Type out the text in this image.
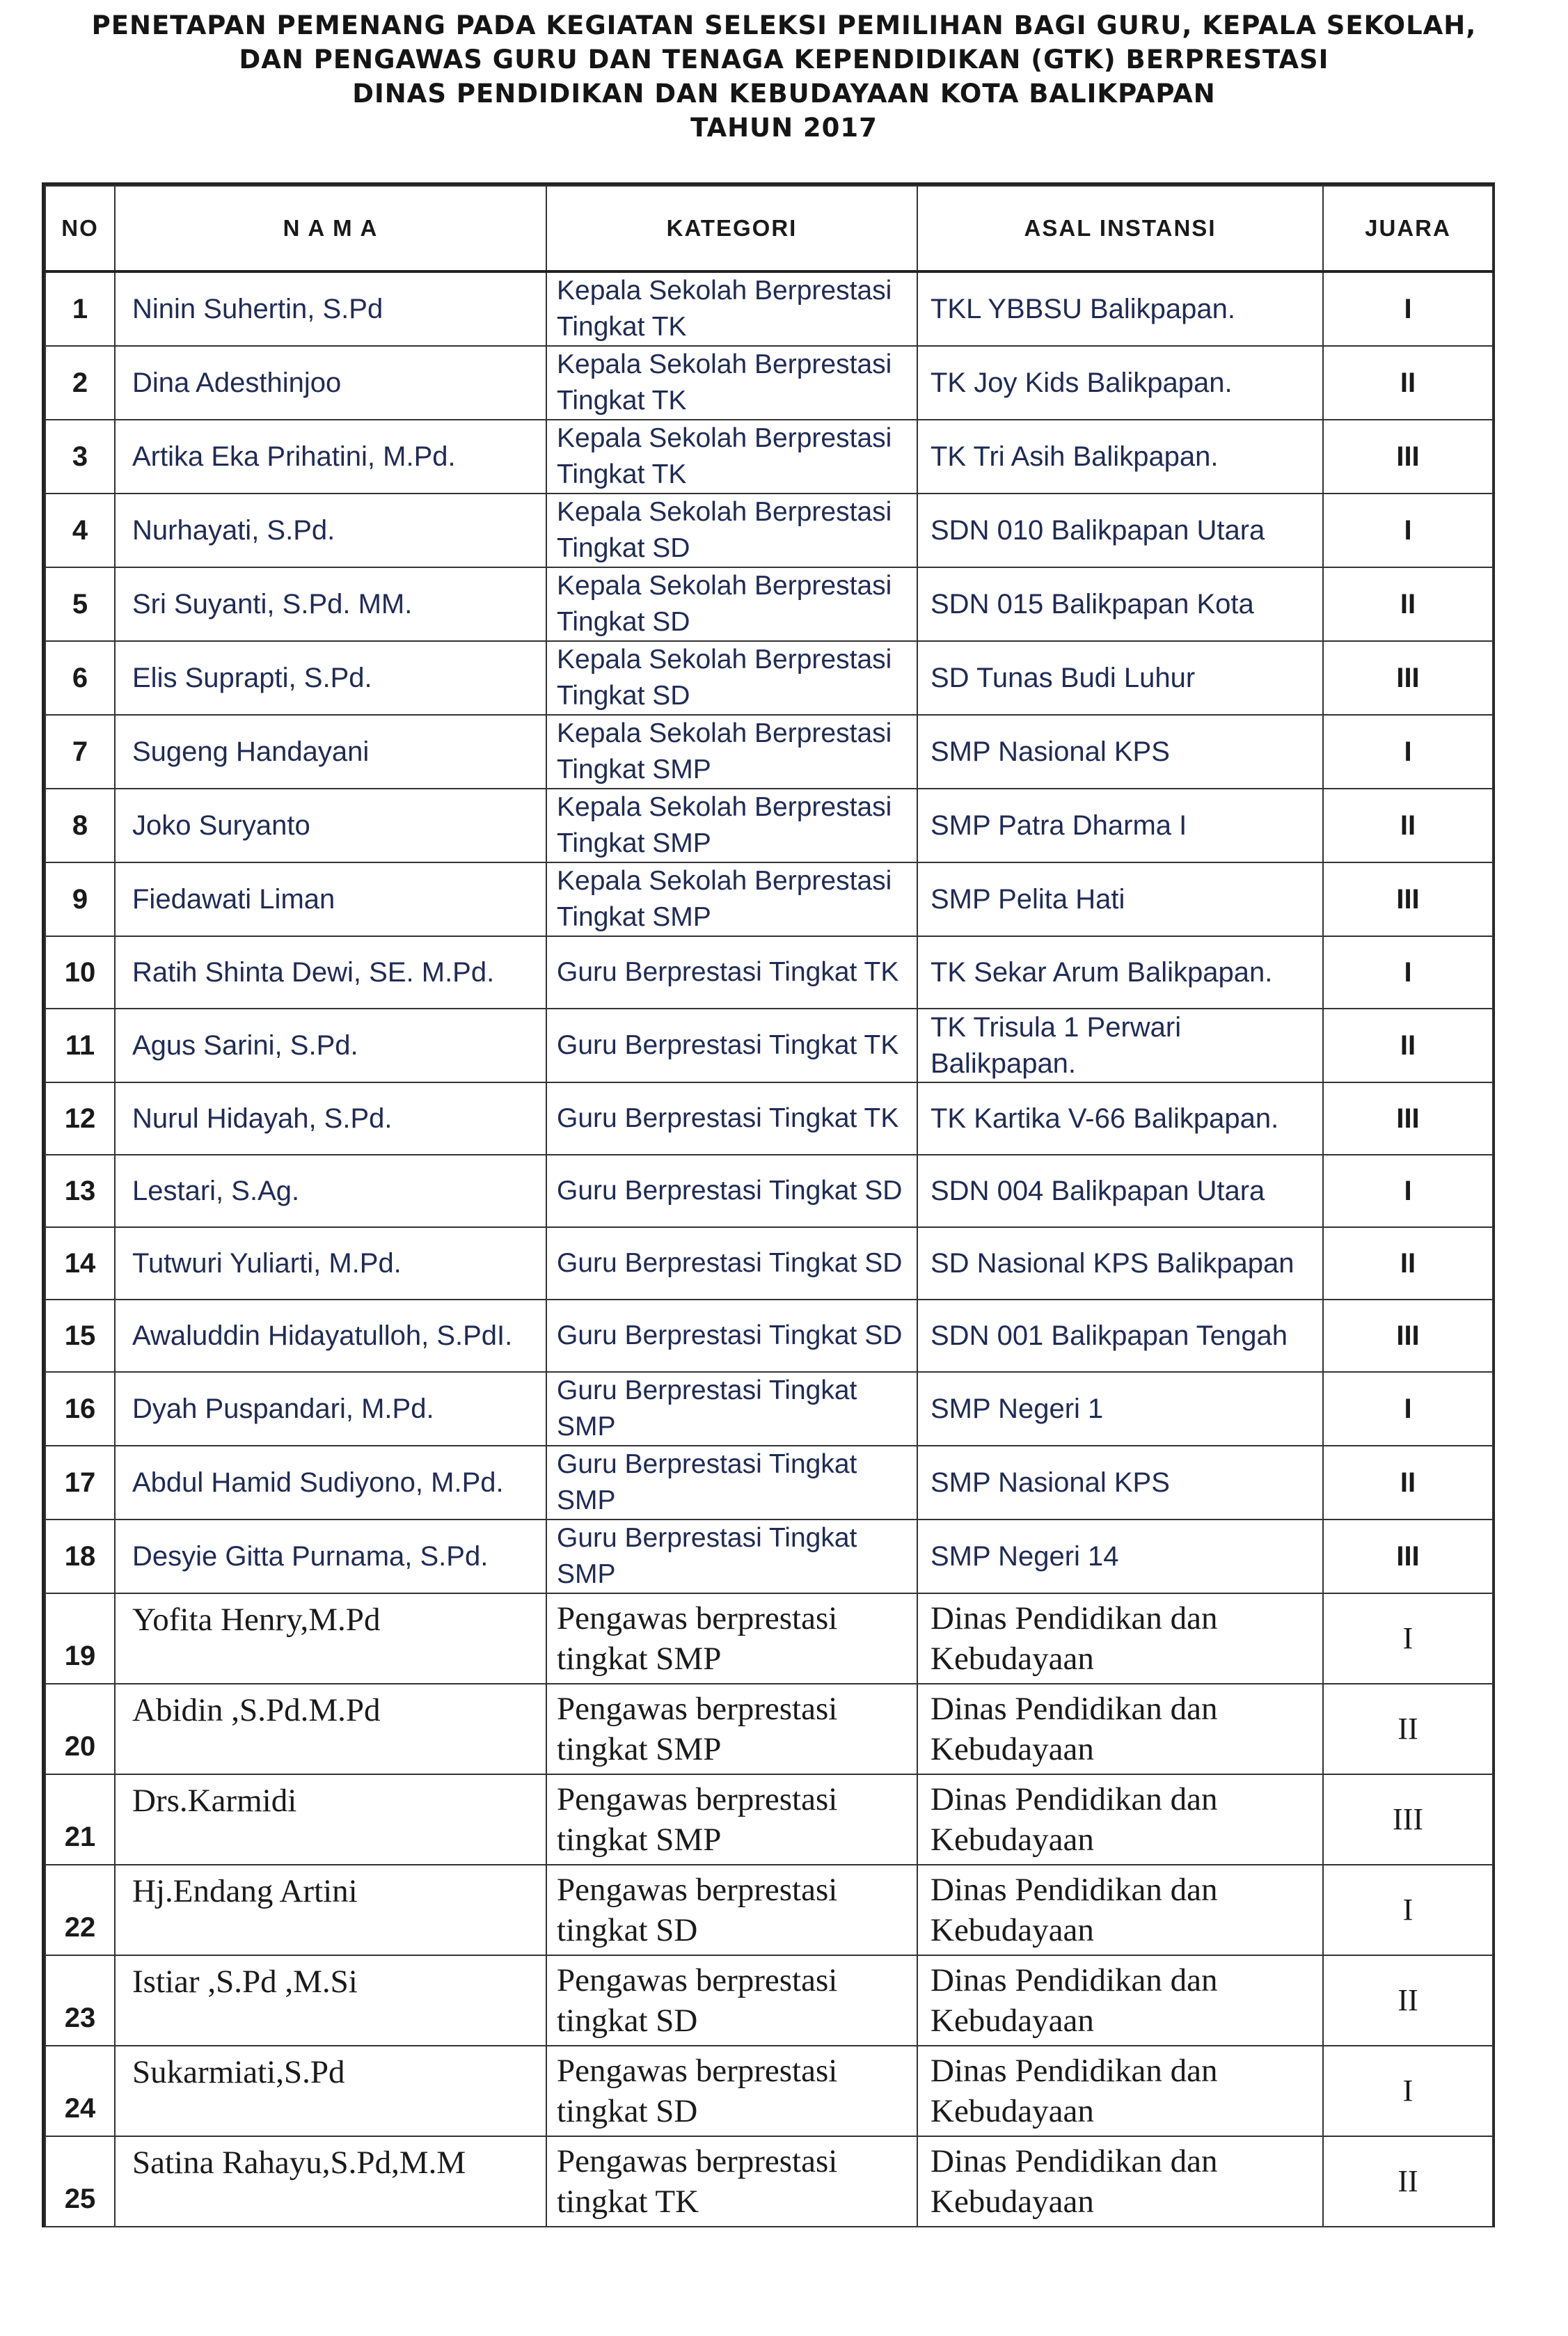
PENETAPAN PEMENANG PADA KEGIATAN SELEKSI PEMILIHAN BAGI GURU, KEPALA SEKOLAH,
DAN PENGAWAS GURU DAN TENAGA KEPENDIDIKAN (GTK) BERPRESTASI
DINAS PENDIDIKAN DAN KEBUDAYAAN KOTA BALIKPAPAN
TAHUN 2017
NO	N A M A	KATEGORI	ASAL INSTANSI	JUARA
1	Ninin Suhertin, S.Pd	Kepala Sekolah Berprestasi Tingkat TK	TKL YBBSU Balikpapan.	I
2	Dina Adesthinjoo	Kepala Sekolah Berprestasi Tingkat TK	TK Joy Kids Balikpapan.	II
3	Artika Eka Prihatini, M.Pd.	Kepala Sekolah Berprestasi Tingkat TK	TK Tri Asih Balikpapan.	III
4	Nurhayati, S.Pd.	Kepala Sekolah Berprestasi Tingkat SD	SDN 010 Balikpapan Utara	I
5	Sri Suyanti, S.Pd. MM.	Kepala Sekolah Berprestasi Tingkat SD	SDN 015 Balikpapan Kota	II
6	Elis Suprapti, S.Pd.	Kepala Sekolah Berprestasi Tingkat SD	SD Tunas Budi Luhur	III
7	Sugeng Handayani	Kepala Sekolah Berprestasi Tingkat SMP	SMP Nasional KPS	I
8	Joko Suryanto	Kepala Sekolah Berprestasi Tingkat SMP	SMP Patra Dharma I	II
9	Fiedawati Liman	Kepala Sekolah Berprestasi Tingkat SMP	SMP Pelita Hati	III
10	Ratih Shinta Dewi, SE. M.Pd.	Guru Berprestasi Tingkat TK	TK Sekar Arum Balikpapan.	I
11	Agus Sarini, S.Pd.	Guru Berprestasi Tingkat TK	TK Trisula 1 Perwari Balikpapan.	II
12	Nurul Hidayah, S.Pd.	Guru Berprestasi Tingkat TK	TK Kartika V-66 Balikpapan.	III
13	Lestari, S.Ag.	Guru Berprestasi Tingkat SD	SDN 004 Balikpapan Utara	I
14	Tutwuri Yuliarti, M.Pd.	Guru Berprestasi Tingkat SD	SD Nasional KPS Balikpapan	II
15	Awaluddin Hidayatulloh, S.PdI.	Guru Berprestasi Tingkat SD	SDN 001 Balikpapan Tengah	III
16	Dyah Puspandari, M.Pd.	Guru Berprestasi Tingkat SMP	SMP Negeri 1	I
17	Abdul Hamid Sudiyono, M.Pd.	Guru Berprestasi Tingkat SMP	SMP Nasional KPS	II
18	Desyie Gitta Purnama, S.Pd.	Guru Berprestasi Tingkat SMP	SMP Negeri 14	III
19	Yofita Henry,M.Pd	Pengawas berprestasi tingkat SMP	Dinas Pendidikan dan Kebudayaan	I
20	Abidin ,S.Pd.M.Pd	Pengawas berprestasi tingkat SMP	Dinas Pendidikan dan Kebudayaan	II
21	Drs.Karmidi	Pengawas berprestasi tingkat SMP	Dinas Pendidikan dan Kebudayaan	III
22	Hj.Endang Artini	Pengawas berprestasi tingkat SD	Dinas Pendidikan dan Kebudayaan	I
23	Istiar ,S.Pd ,M.Si	Pengawas berprestasi tingkat SD	Dinas Pendidikan dan Kebudayaan	II
24	Sukarmiati,S.Pd	Pengawas berprestasi tingkat SD	Dinas Pendidikan dan Kebudayaan	I
25	Satina Rahayu,S.Pd,M.M	Pengawas berprestasi tingkat TK	Dinas Pendidikan dan Kebudayaan	II
